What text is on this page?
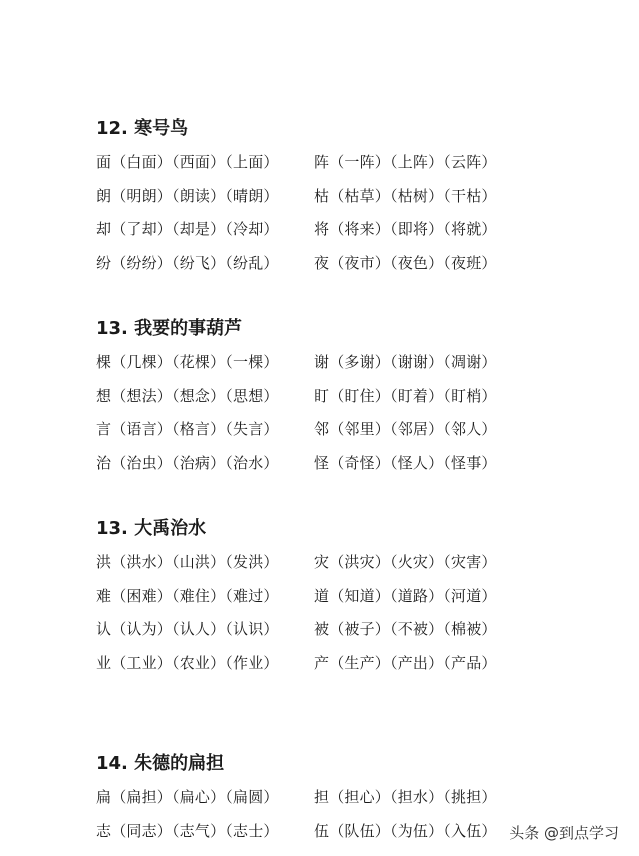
12. 寒号鸟
面（白面）（西面）（上面） 阵（一阵）（上阵）（云阵）
朗（明朗）（朗读）（晴朗） 枯（枯草）（枯树）（干枯）
却（了却）（却是）（冷却） 将（将来）（即将）（将就）
纷（纷纷）（纷飞）（纷乱） 夜（夜市）（夜色）（夜班）
13. 我要的事葫芦
棵（几棵）（花棵）（一棵） 谢（多谢）（谢谢）（凋谢）
想（想法）（想念）（思想） 盯（盯住）（盯着）（盯梢）
言（语言）（格言）（失言） 邻（邻里）（邻居）（邻人）
治（治虫）（治病）（治水） 怪（奇怪）（怪人）（怪事）
13. 大禹治水
洪（洪水）（山洪）（发洪） 灾（洪灾）（火灾）（灾害）
难（困难）（难住）（难过） 道（知道）（道路）（河道）
认（认为）（认人）（认识） 被（被子）（不被）（棉被）
业（工业）（农业）（作业） 产（生产）（产出）（产品）
14. 朱德的扁担
扁（扁担）（扁心）（扁圆） 担（担心）（担水）（挑担）
志（同志）（志气）（志士） 伍（队伍）（为伍）（入伍） 头条 @到点学习
